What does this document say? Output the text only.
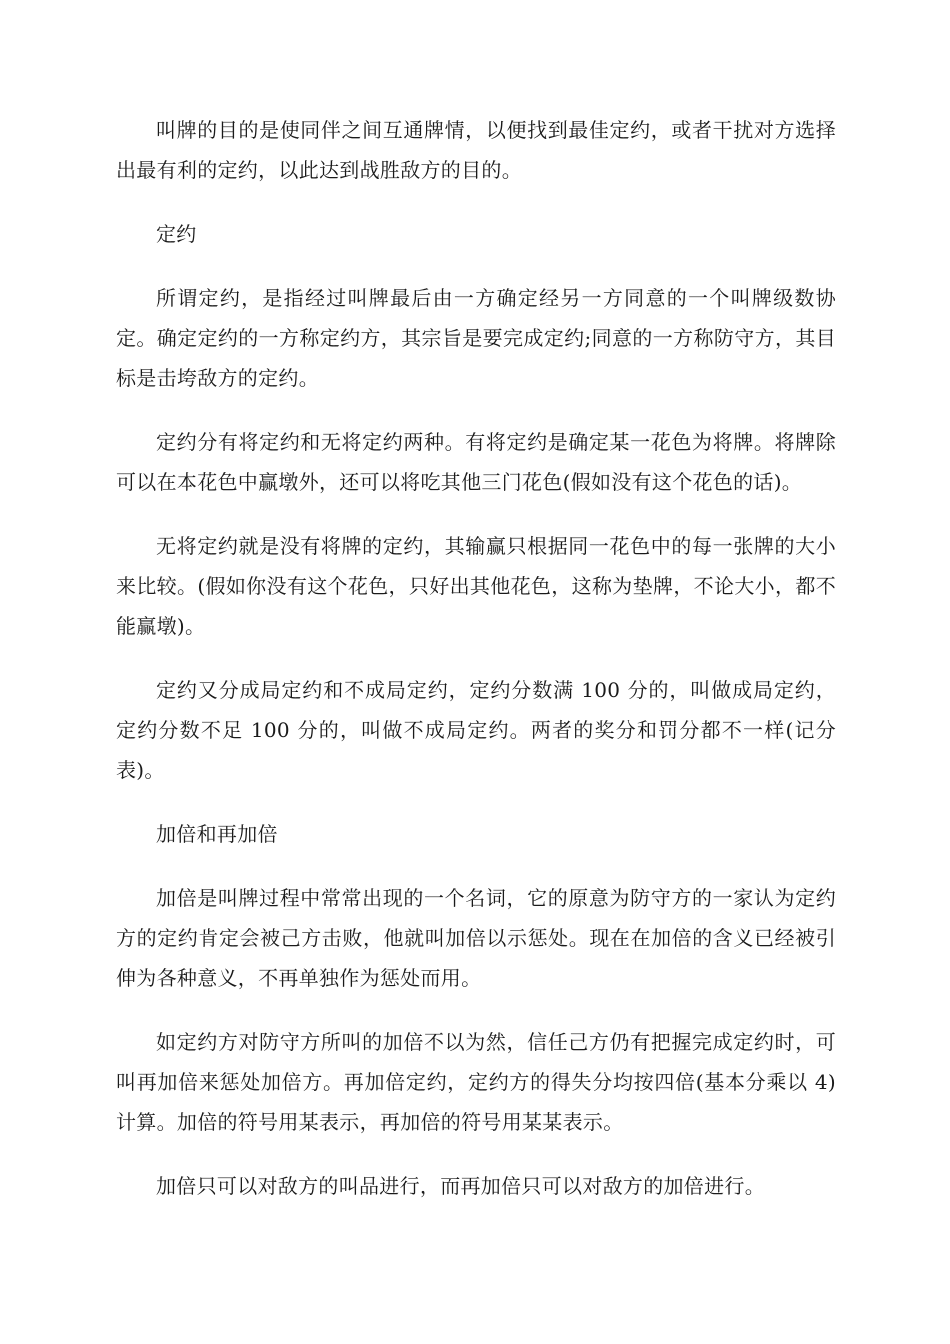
叫牌的目的是使同伴之间互通牌情，以便找到最佳定约，或者干扰对方选择出最有利的定约，以此达到战胜敌方的目的。

定约

所谓定约，是指经过叫牌最后由一方确定经另一方同意的一个叫牌级数协定。确定定约的一方称定约方，其宗旨是要完成定约;同意的一方称防守方，其目标是击垮敌方的定约。

定约分有将定约和无将定约两种。有将定约是确定某一花色为将牌。将牌除可以在本花色中赢墩外，还可以将吃其他三门花色(假如没有这个花色的话)。

无将定约就是没有将牌的定约，其输赢只根据同一花色中的每一张牌的大小来比较。(假如你没有这个花色，只好出其他花色，这称为垫牌，不论大小，都不能赢墩)。

定约又分成局定约和不成局定约，定约分数满 100 分的，叫做成局定约，定约分数不足 100 分的，叫做不成局定约。两者的奖分和罚分都不一样(记分表)。

加倍和再加倍

加倍是叫牌过程中常常出现的一个名词，它的原意为防守方的一家认为定约方的定约肯定会被己方击败，他就叫加倍以示惩处。现在在加倍的含义已经被引伸为各种意义，不再单独作为惩处而用。

如定约方对防守方所叫的加倍不以为然，信任己方仍有把握完成定约时，可叫再加倍来惩处加倍方。再加倍定约，定约方的得失分均按四倍(基本分乘以 4)计算。加倍的符号用某表示，再加倍的符号用某某表示。

加倍只可以对敌方的叫品进行，而再加倍只可以对敌方的加倍进行。
